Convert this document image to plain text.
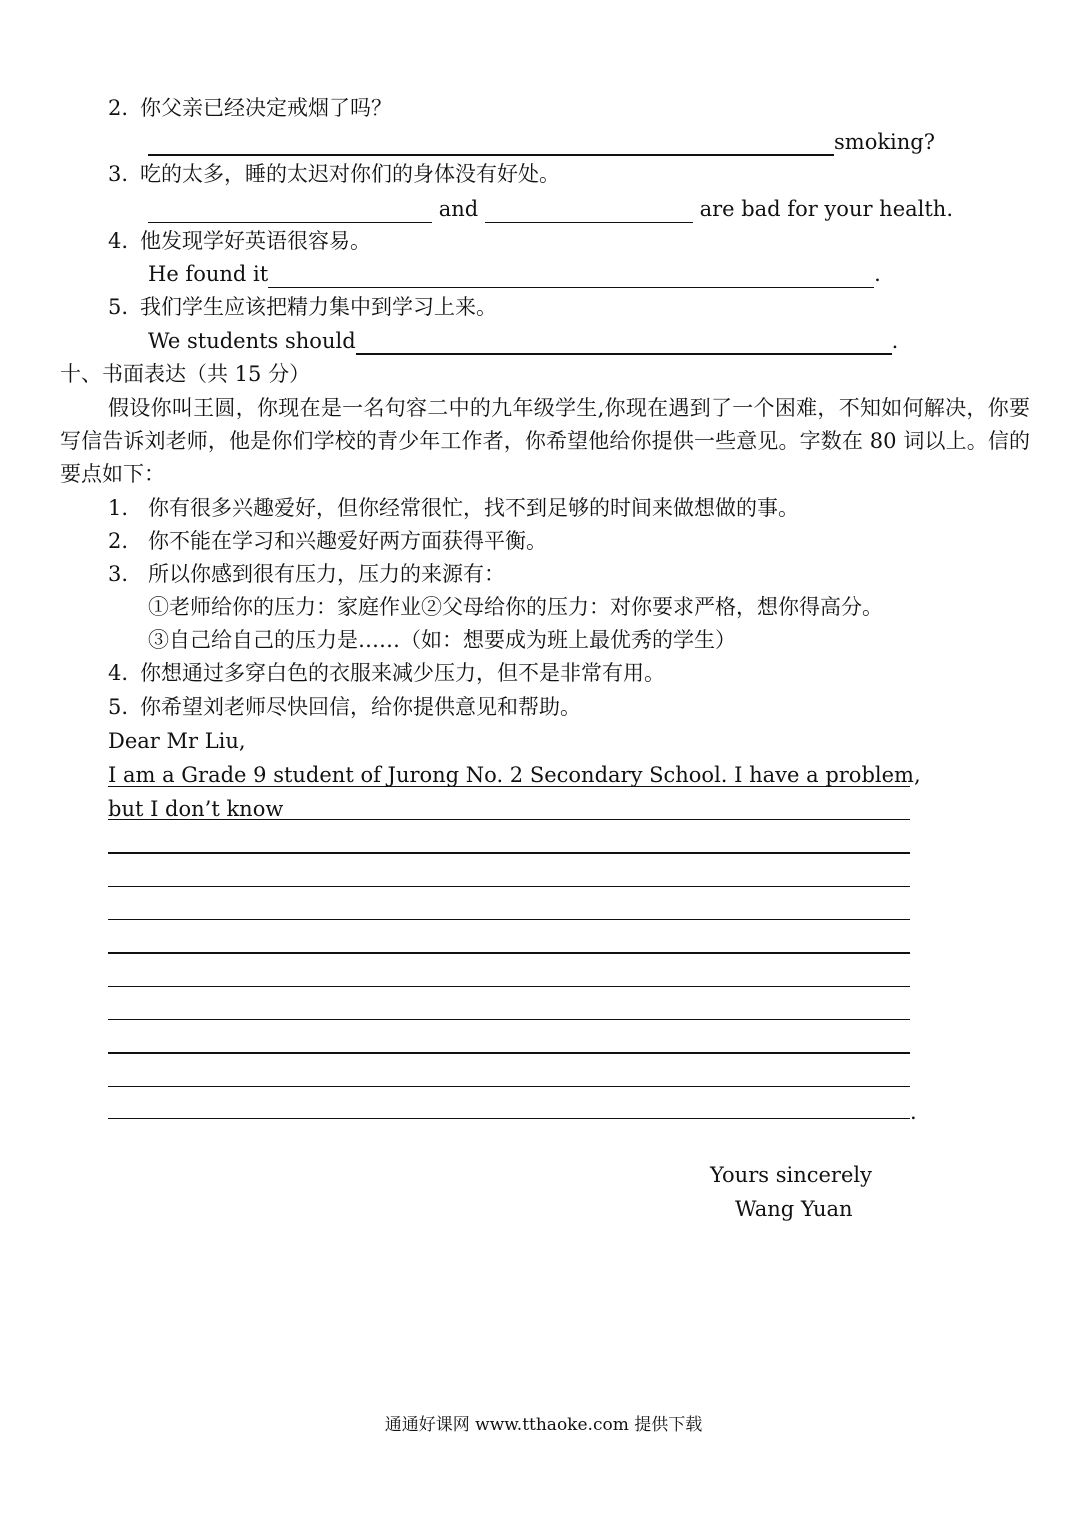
2. 你父亲已经决定戒烟了吗？
smoking?
3. 吃的太多，睡的太迟对你们的身体没有好处。
and	are bad for your health.
4. 他发现学好英语很容易。
He found it	.
5. 我们学生应该把精力集中到学习上来。
We students should	.
十、书面表达（共 15 分）
假设你叫王圆，你现在是一名句容二中的九年级学生,你现在遇到了一个困难，不知如何解决，你要写信告诉刘老师，他是你们学校的青少年工作者，你希望他给你提供一些意见。字数在 80 词以上。信的要点如下：
1. 你有很多兴趣爱好，但你经常很忙，找不到足够的时间来做想做的事。
2. 你不能在学习和兴趣爱好两方面获得平衡。
3. 所以你感到很有压力，压力的来源有：
①老师给你的压力：家庭作业②父母给你的压力：对你要求严格，想你得高分。
③自己给自己的压力是……（如：想要成为班上最优秀的学生）
4. 你想通过多穿白色的衣服来减少压力，但不是非常有用。
5. 你希望刘老师尽快回信，给你提供意见和帮助。
Dear Mr Liu,
I am a Grade 9 student of Jurong No. 2 Secondary School. I have a problem,
but I don’t know
.
Yours sincerely
Wang Yuan
通通好课网 www.tthaoke.com 提供下载
